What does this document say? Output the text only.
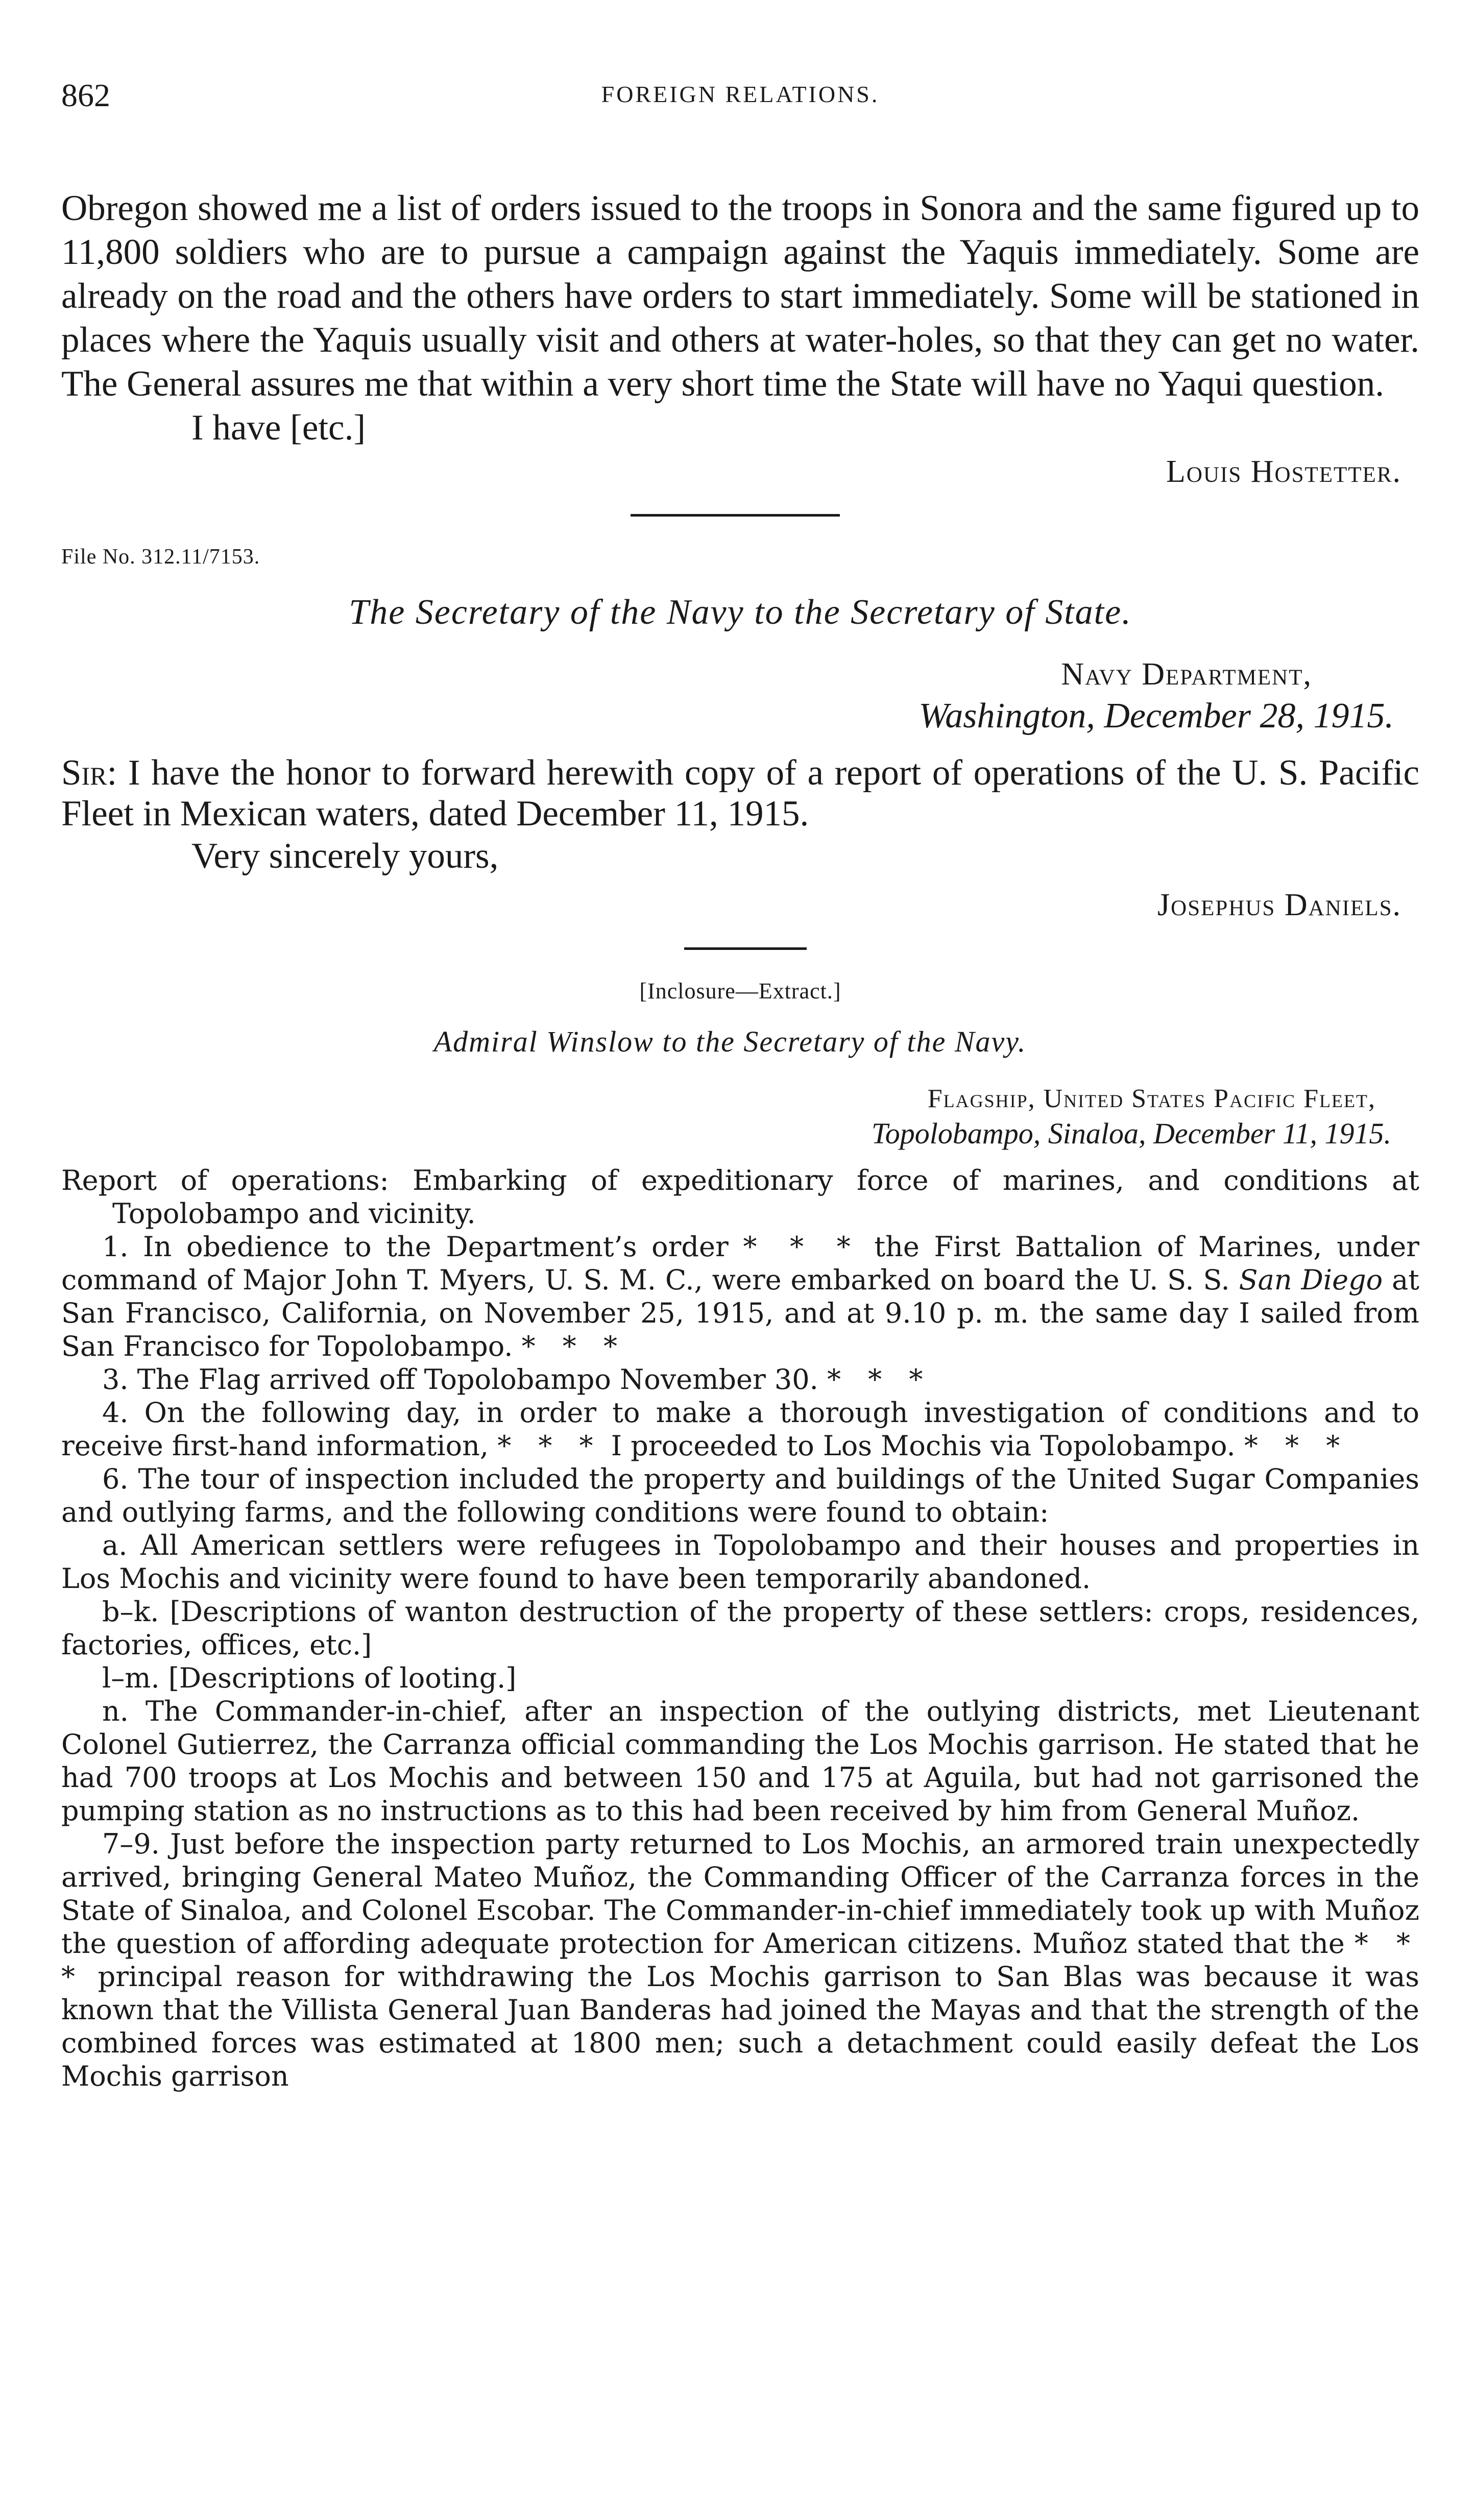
862	FOREIGN RELATIONS.
Obregon showed me a list of orders issued to the troops in Sonora and the same figured up to 11,800 soldiers who are to pursue a campaign against the Yaquis immediately. Some are already on the road and the others have orders to start immediately. Some will be stationed in places where the Yaquis usually visit and others at water-holes, so that they can get no water. The General assures me that within a very short time the State will have no Yaqui question.
I have [etc.]
Louis Hostetter.
File No. 312.11/7153.
The Secretary of the Navy to the Secretary of State.
Navy Department,
Washington, December 28, 1915.
Sir: I have the honor to forward herewith copy of a report of operations of the U. S. Pacific Fleet in Mexican waters, dated December 11, 1915.
Very sincerely yours,
Josephus Daniels.
[Inclosure—Extract.]
Admiral Winslow to the Secretary of the Navy.
Flagship, United States Pacific Fleet,
Topolobampo, Sinaloa, December 11, 1915.
Report of operations: Embarking of expeditionary force of marines, and conditions at Topolobampo and vicinity.
1. In obedience to the Department’s order * * * the First Battalion of Marines, under command of Major John T. Myers, U. S. M. C., were embarked on board the U. S. S. San Diego at San Francisco, California, on November 25, 1915, and at 9.10 p. m. the same day I sailed from San Francisco for Topolobampo. * * *
3. The Flag arrived off Topolobampo November 30. * * *
4. On the following day, in order to make a thorough investigation of conditions and to receive first-hand information, * * * I proceeded to Los Mochis via Topolobampo. * * *
6. The tour of inspection included the property and buildings of the United Sugar Companies and outlying farms, and the following conditions were found to obtain:
a. All American settlers were refugees in Topolobampo and their houses and properties in Los Mochis and vicinity were found to have been temporarily abandoned.
b–k. [Descriptions of wanton destruction of the property of these settlers: crops, residences, factories, offices, etc.]
l–m. [Descriptions of looting.]
n. The Commander-in-chief, after an inspection of the outlying districts, met Lieutenant Colonel Gutierrez, the Carranza official commanding the Los Mochis garrison. He stated that he had 700 troops at Los Mochis and between 150 and 175 at Aguila, but had not garrisoned the pumping station as no instructions as to this had been received by him from General Muñoz.
7–9. Just before the inspection party returned to Los Mochis, an armored train unexpectedly arrived, bringing General Mateo Muñoz, the Commanding Officer of the Carranza forces in the State of Sinaloa, and Colonel Escobar. The Commander-in-chief immediately took up with Muñoz the question of affording adequate protection for American citizens. Muñoz stated that the * * * principal reason for withdrawing the Los Mochis garrison to San Blas was because it was known that the Villista General Juan Banderas had joined the Mayas and that the strength of the combined forces was estimated at 1800 men; such a detachment could easily defeat the Los Mochis garrison
